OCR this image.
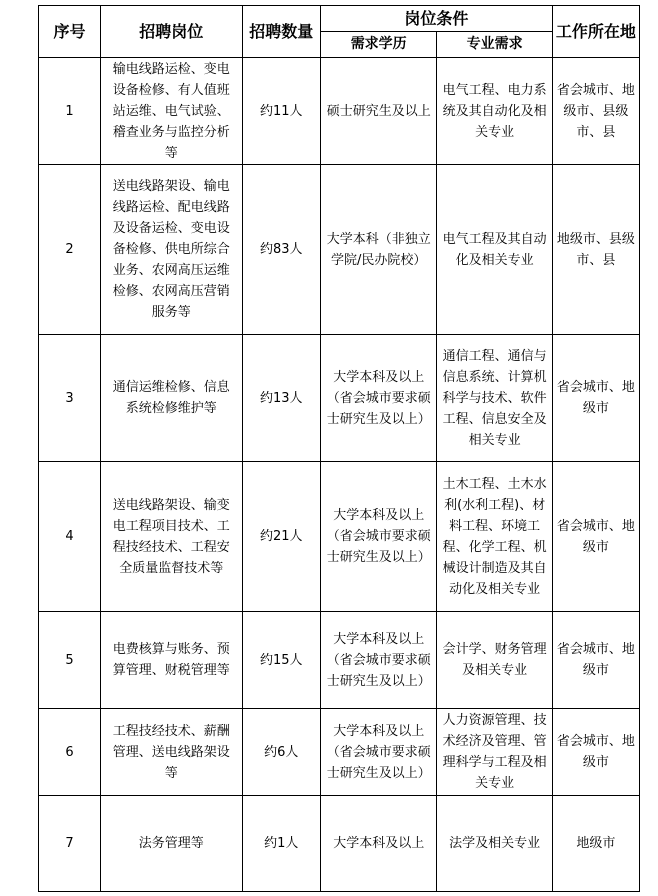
序号	招聘岗位	招聘数量	岗位条件		工作所在地
			需求学历	专业需求	
1	输电线路运检、变电设备检修、有人值班站运维、电气试验、稽查业务与监控分析等	约11人	硕士研究生及以上	电气工程、电力系统及其自动化及相关专业	省会城市、地级市、县级市、县
2	送电线路架设、输电线路运检、配电线路及设备运检、变电设备检修、供电所综合业务、农网高压运维检修、农网高压营销服务等	约83人	大学本科（非独立学院/民办院校）	电气工程及其自动化及相关专业	地级市、县级市、县
3	通信运维检修、信息系统检修维护等	约13人	大学本科及以上（省会城市要求硕士研究生及以上）	通信工程、通信与信息系统、计算机科学与技术、软件工程、信息安全及相关专业	省会城市、地级市
4	送电线路架设、输变电工程项目技术、工程技经技术、工程安全质量监督技术等	约21人	大学本科及以上（省会城市要求硕士研究生及以上）	土木工程、土木水利(水利工程)、材料工程、环境工程、化学工程、机械设计制造及其自动化及相关专业	省会城市、地级市
5	电费核算与账务、预算管理、财税管理等	约15人	大学本科及以上（省会城市要求硕士研究生及以上）	会计学、财务管理及相关专业	省会城市、地级市
6	工程技经技术、薪酬管理、送电线路架设等	约6人	大学本科及以上（省会城市要求硕士研究生及以上）	人力资源管理、技术经济及管理、管理科学与工程及相关专业	省会城市、地级市
7	法务管理等	约1人	大学本科及以上	法学及相关专业	地级市
